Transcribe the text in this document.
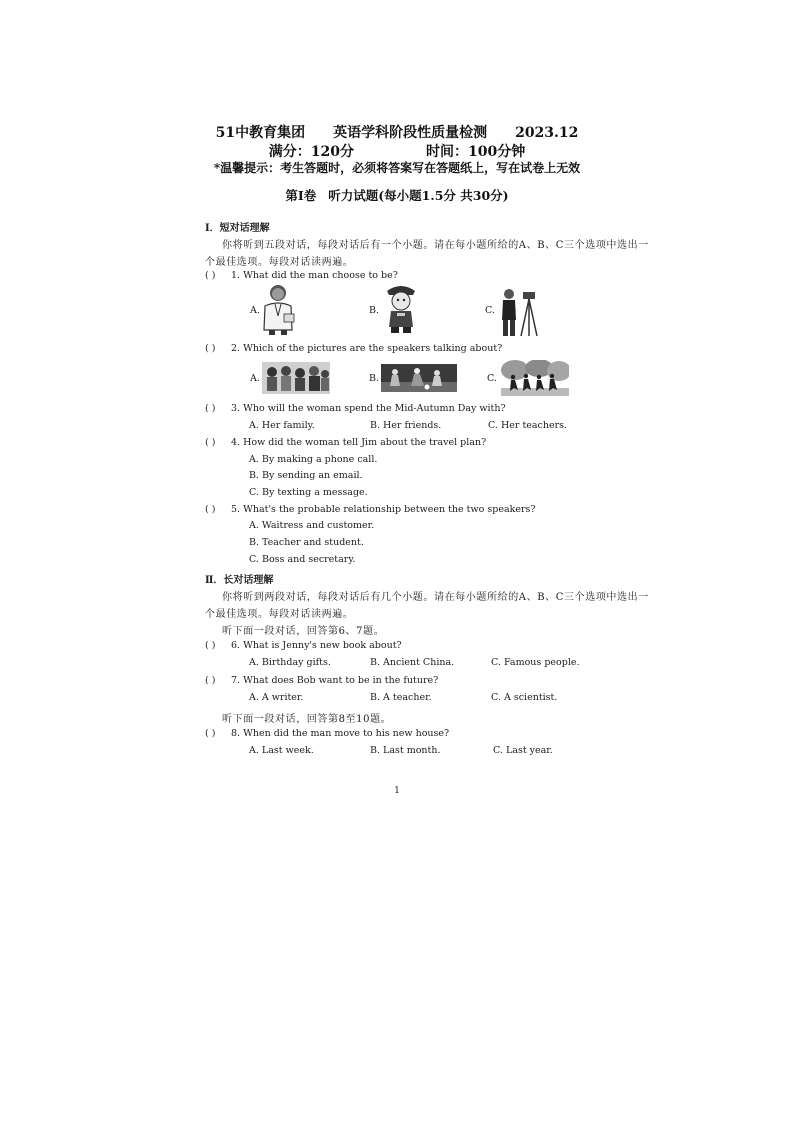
51中教育集团 英语学科阶段性质量检测 2023.12
满分：120分	时间：100分钟
*温馨提示：考生答题时，必须将答案写在答题纸上，写在试卷上无效
第Ⅰ卷 听力试题(每小题1.5分 共30分)
Ⅰ．短对话理解
你将听到五段对话，每段对话后有一个小题。请在每小题所给的A、B、C三个选项中选出一
个最佳选项。每段对话读两遍。
( ) 1. What did the man choose to be?
A.	B.	C.
( ) 2. Which of the pictures are the speakers talking about?
A.	B.	C.
( ) 3. Who will the woman spend the Mid-Autumn Day with?
A. Her family.	B. Her friends.	C. Her teachers.
( ) 4. How did the woman tell Jim about the travel plan?
A. By making a phone call.
B. By sending an email.
C. By texting a message.
( ) 5. What's the probable relationship between the two speakers?
A. Waitress and customer.
B. Teacher and student.
C. Boss and secretary.
Ⅱ．长对话理解
你将听到两段对话，每段对话后有几个小题。请在每小题所给的A、B、C三个选项中选出一
个最佳选项。每段对话读两遍。
听下面一段对话，回答第6、7题。
( ) 6. What is Jenny's new book about?
A. Birthday gifts.	B. Ancient China.	C. Famous people.
( ) 7. What does Bob want to be in the future?
A. A writer.	B. A teacher.	C. A scientist.
听下面一段对话，回答第8至10题。
( ) 8. When did the man move to his new house?
A. Last week.	B. Last month.	C. Last year.
1
